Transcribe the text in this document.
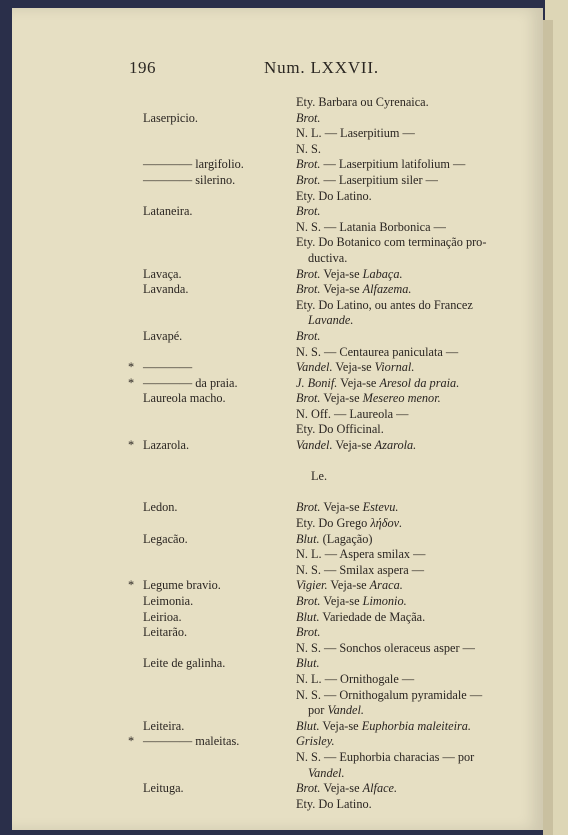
196	Num. LXXVII.
Ety. Barbara ou Cyrenaica.
Laserpicio.	Brot.
N. L. — Laserpitium —
N. S.
———— largifolio.	Brot. — Laserpitium latifolium —
———— silerino.	Brot. — Laserpitium siler —
Ety. Do Latino.
Lataneira.	Brot.
N. S. — Latania Borbonica —
Ety. Do Botanico com terminação pro-
ductiva.
Lavaça.	Brot. Veja-se Labaça.
Lavanda.	Brot. Veja-se Alfazema.
Ety. Do Latino, ou antes do Francez
Lavande.
Lavapé.	Brot.
N. S. — Centaurea paniculata —
* ————	Vandel. Veja-se Viornal.
* ———— da praia.	J. Bonif. Veja-se Aresol da praia.
Laureola macho.	Brot. Veja-se Mesereo menor.
N. Off. — Laureola —
Ety. Do Officinal.
* Lazarola.	Vandel. Veja-se Azarola.
Le.
Ledon.	Brot. Veja-se Estevu.
Ety. Do Grego λήδον.
Legacão.	Blut. (Lagação)
N. L. — Aspera smilax —
N. S. — Smilax aspera —
* Legume bravio.	Vigier. Veja-se Araca.
Leimonia.	Brot. Veja-se Limonio.
Leirioa.	Blut. Variedade de Maçãa.
Leitarão.	Brot.
N. S. — Sonchos oleraceus asper —
Leite de galinha.	Blut.
N. L. — Ornithogale —
N. S. — Ornithogalum pyramidale —
por Vandel.
Leiteira.	Blut. Veja-se Euphorbia maleiteira.
* ———— maleitas.	Grisley.
N. S. — Euphorbia characias — por
Vandel.
Leituga.	Brot. Veja-se Alface.
Ety. Do Latino.
